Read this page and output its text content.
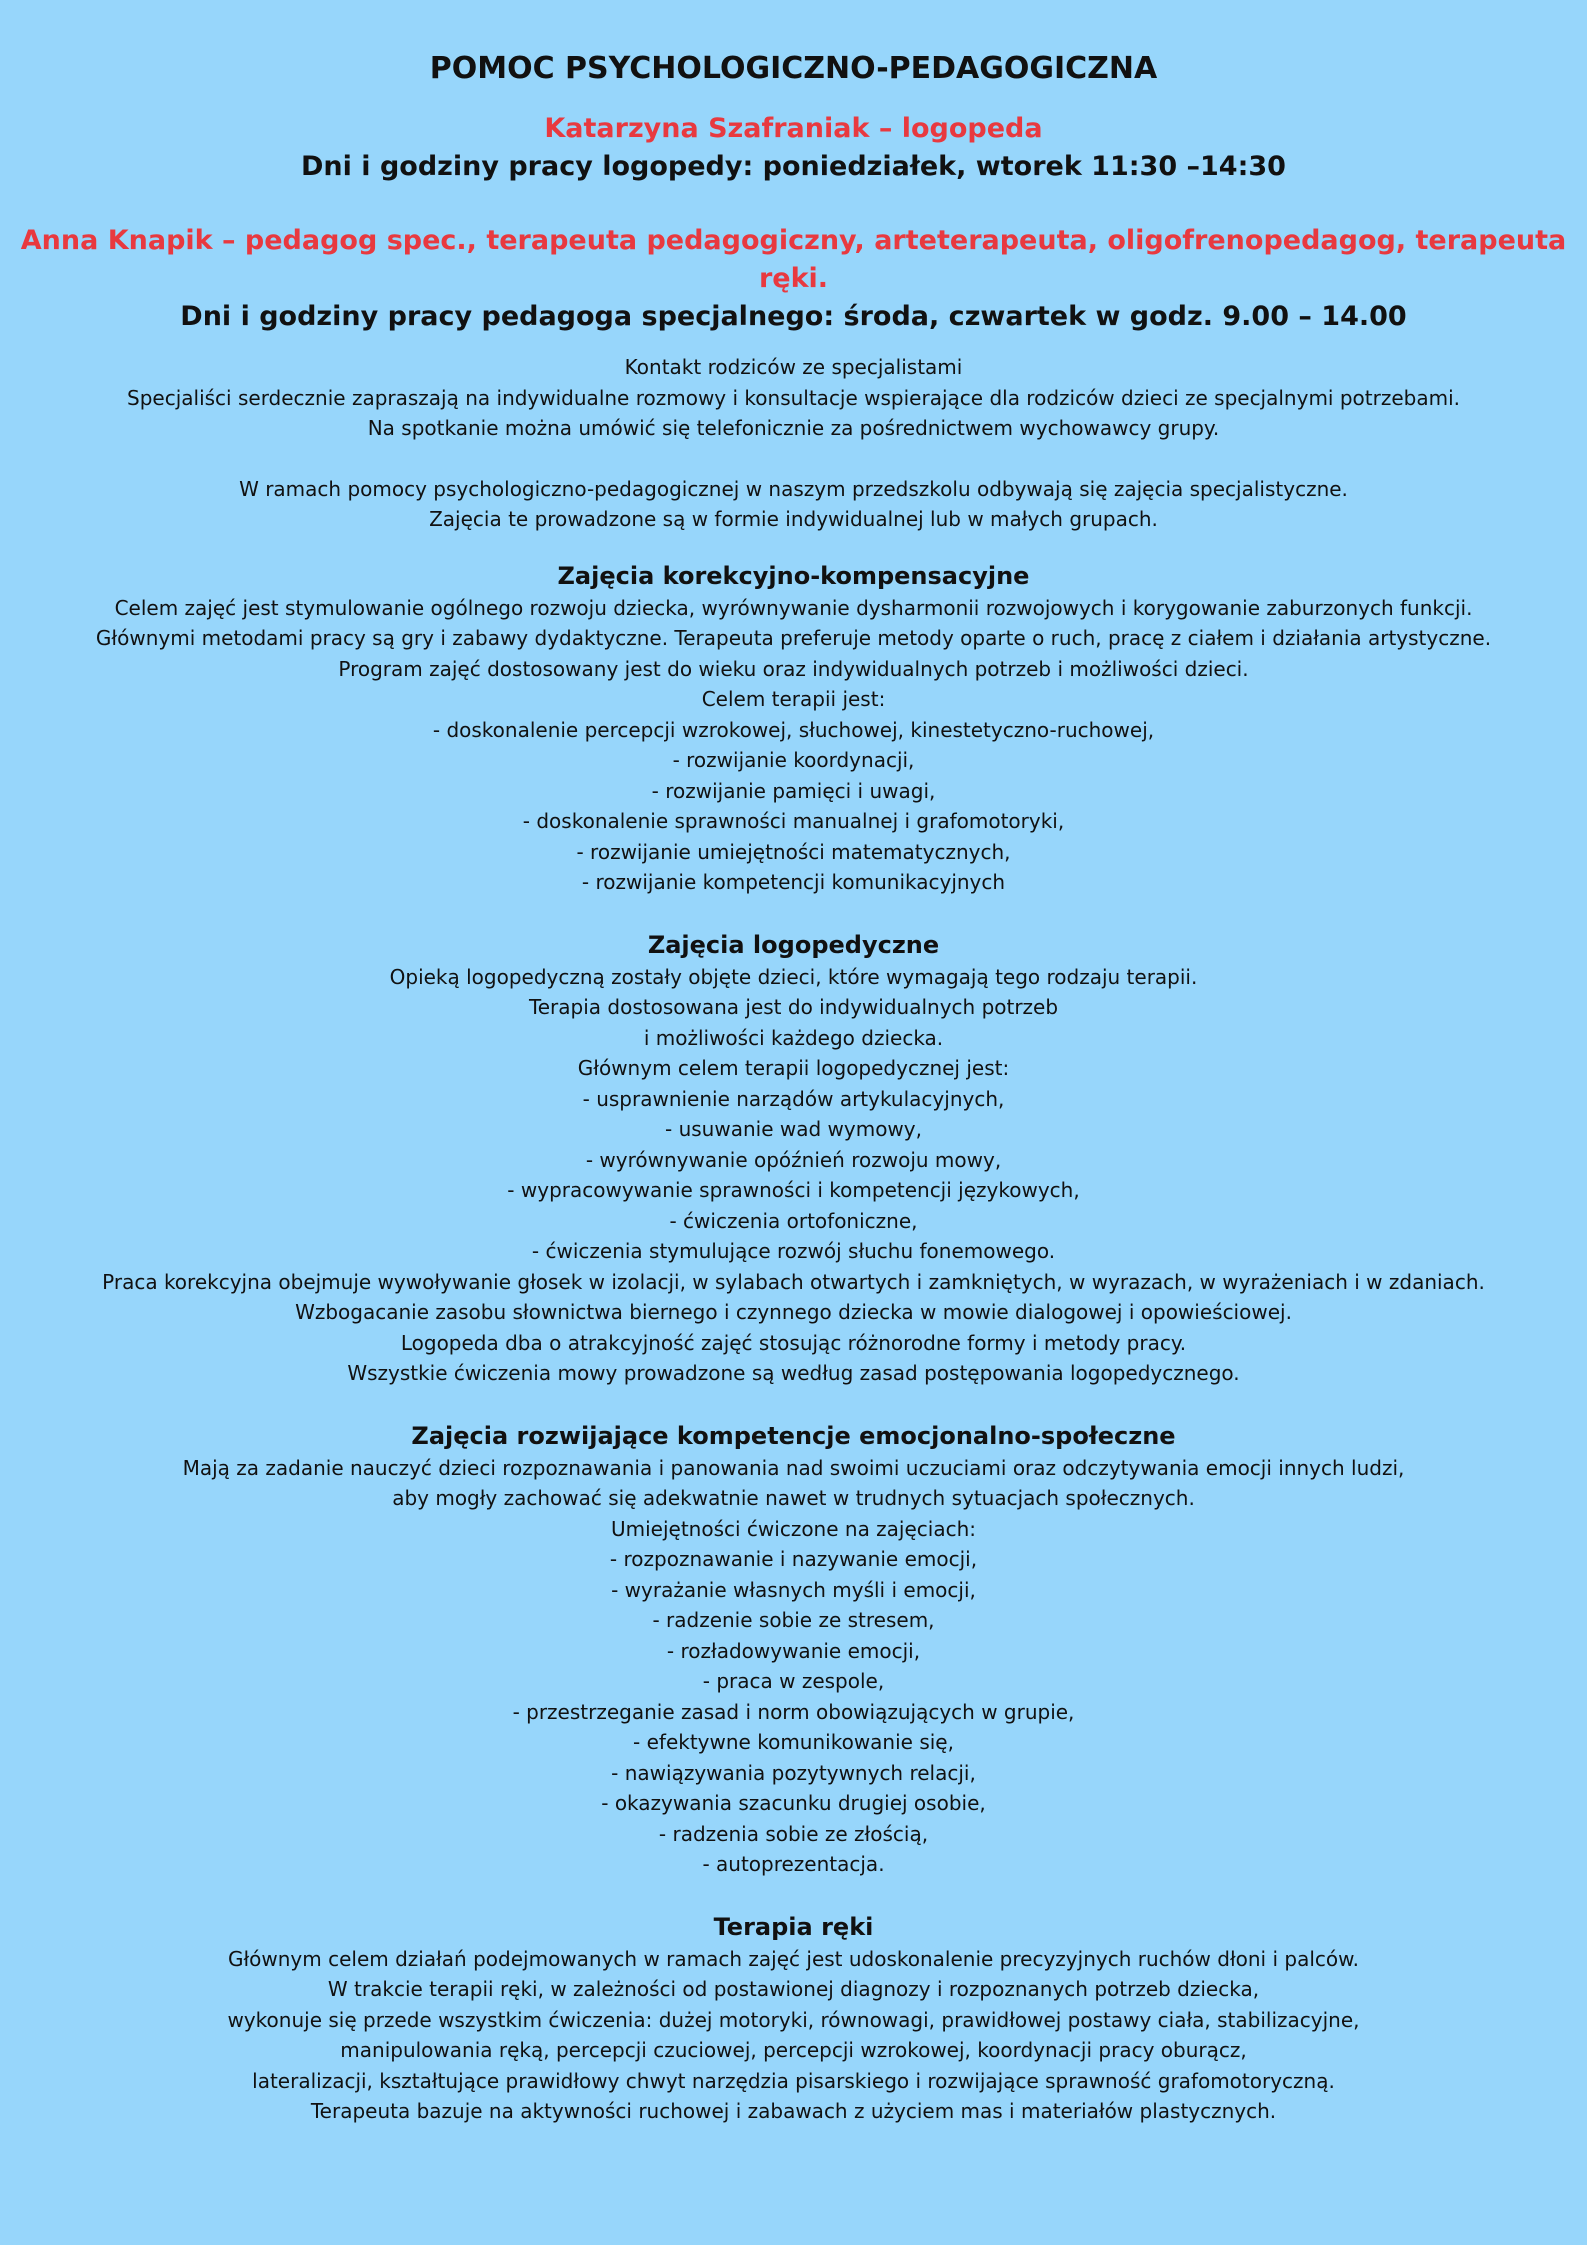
POMOC PSYCHOLOGICZNO-PEDAGOGICZNA

Katarzyna Szafraniak – logopeda

Dni i godziny pracy logopedy: poniedziałek, wtorek 11:30 –14:30

Anna Knapik – pedagog spec., terapeuta pedagogiczny, arteterapeuta, oligofrenopedagog, terapeuta ręki.

Dni i godziny pracy pedagoga specjalnego: środa, czwartek w godz. 9.00 – 14.00

Kontakt rodziców ze specjalistami

Specjaliści serdecznie zapraszają na indywidualne rozmowy i konsultacje wspierające dla rodziców dzieci ze specjalnymi potrzebami.

Na spotkanie można umówić się telefonicznie za pośrednictwem wychowawcy grupy.

W ramach pomocy psychologiczno-pedagogicznej w naszym przedszkolu odbywają się zajęcia specjalistyczne.

Zajęcia te prowadzone są w formie indywidualnej lub w małych grupach.

Zajęcia korekcyjno-kompensacyjne

Celem zajęć jest stymulowanie ogólnego rozwoju dziecka, wyrównywanie dysharmonii rozwojowych i korygowanie zaburzonych funkcji.

Głównymi metodami pracy są gry i zabawy dydaktyczne. Terapeuta preferuje metody oparte o ruch, pracę z ciałem i działania artystyczne.

Program zajęć dostosowany jest do wieku oraz indywidualnych potrzeb i możliwości dzieci.

Celem terapii jest:

- doskonalenie percepcji wzrokowej, słuchowej, kinestetyczno-ruchowej,

- rozwijanie koordynacji,

- rozwijanie pamięci i uwagi,

- doskonalenie sprawności manualnej i grafomotoryki,

- rozwijanie umiejętności matematycznych,

- rozwijanie kompetencji komunikacyjnych

Zajęcia logopedyczne

Opieką logopedyczną zostały objęte dzieci, które wymagają tego rodzaju terapii.

Terapia dostosowana jest do indywidualnych potrzeb

i możliwości każdego dziecka.

Głównym celem terapii logopedycznej jest:

- usprawnienie narządów artykulacyjnych,

- usuwanie wad wymowy,

- wyrównywanie opóźnień rozwoju mowy,

- wypracowywanie sprawności i kompetencji językowych,

- ćwiczenia ortofoniczne,

- ćwiczenia stymulujące rozwój słuchu fonemowego.

Praca korekcyjna obejmuje wywoływanie głosek w izolacji, w sylabach otwartych i zamkniętych, w wyrazach, w wyrażeniach i w zdaniach.

Wzbogacanie zasobu słownictwa biernego i czynnego dziecka w mowie dialogowej i opowieściowej.

Logopeda dba o atrakcyjność zajęć stosując różnorodne formy i metody pracy.

Wszystkie ćwiczenia mowy prowadzone są według zasad postępowania logopedycznego.

Zajęcia rozwijające kompetencje emocjonalno-społeczne

Mają za zadanie nauczyć dzieci rozpoznawania i panowania nad swoimi uczuciami oraz odczytywania emocji innych ludzi,

aby mogły zachować się adekwatnie nawet w trudnych sytuacjach społecznych.

Umiejętności ćwiczone na zajęciach:

- rozpoznawanie i nazywanie emocji,

- wyrażanie własnych myśli i emocji,

- radzenie sobie ze stresem,

- rozładowywanie emocji,

- praca w zespole,

- przestrzeganie zasad i norm obowiązujących w grupie,

- efektywne komunikowanie się,

- nawiązywania pozytywnych relacji,

- okazywania szacunku drugiej osobie,

- radzenia sobie ze złością,

- autoprezentacja.

Terapia ręki

Głównym celem działań podejmowanych w ramach zajęć jest udoskonalenie precyzyjnych ruchów dłoni i palców.

W trakcie terapii ręki, w zależności od postawionej diagnozy i rozpoznanych potrzeb dziecka,

wykonuje się przede wszystkim ćwiczenia: dużej motoryki, równowagi, prawidłowej postawy ciała, stabilizacyjne,

manipulowania ręką, percepcji czuciowej, percepcji wzrokowej, koordynacji pracy oburącz,

lateralizacji, kształtujące prawidłowy chwyt narzędzia pisarskiego i rozwijające sprawność grafomotoryczną.

Terapeuta bazuje na aktywności ruchowej i zabawach z użyciem mas i materiałów plastycznych.
